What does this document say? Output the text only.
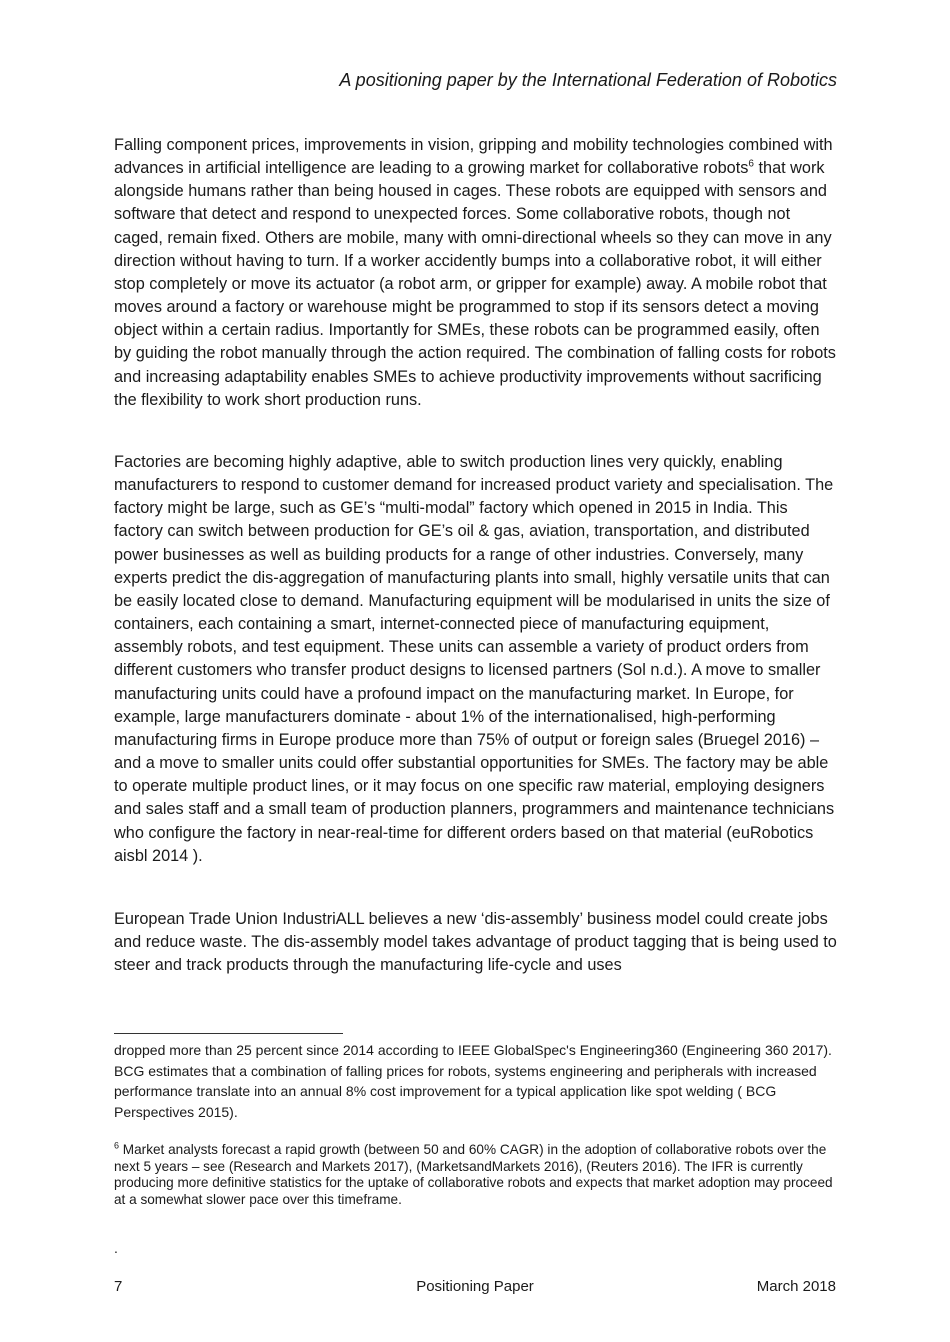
A positioning paper by the International Federation of Robotics

Falling component prices, improvements in vision, gripping and mobility technologies combined with advances in artificial intelligence are leading to a growing market for collaborative robots$^6$ that work alongside humans rather than being housed in cages. These robots are equipped with sensors and software that detect and respond to unexpected forces. Some collaborative robots, though not caged, remain fixed. Others are mobile, many with omni-directional wheels so they can move in any direction without having to turn. If a worker accidently bumps into a collaborative robot, it will either stop completely or move its actuator (a robot arm, or gripper for example) away. A mobile robot that moves around a factory or warehouse might be programmed to stop if its sensors detect a moving object within a certain radius. Importantly for SMEs, these robots can be programmed easily, often by guiding the robot manually through the action required. The combination of falling costs for robots and increasing adaptability enables SMEs to achieve productivity improvements without sacrificing the flexibility to work short production runs.

Factories are becoming highly adaptive, able to switch production lines very quickly, enabling manufacturers to respond to customer demand for increased product variety and specialisation. The factory might be large, such as GE’s “multi-modal” factory which opened in 2015 in India. This factory can switch between production for GE’s oil & gas, aviation, transportation, and distributed power businesses as well as building products for a range of other industries. Conversely, many experts predict the dis-aggregation of manufacturing plants into small, highly versatile units that can be easily located close to demand. Manufacturing equipment will be modularised in units the size of containers, each containing a smart, internet-connected piece of manufacturing equipment, assembly robots, and test equipment. These units can assemble a variety of product orders from different customers who transfer product designs to licensed partners (Sol n.d.). A move to smaller manufacturing units could have a profound impact on the manufacturing market. In Europe, for example, large manufacturers dominate - about 1% of the internationalised, high-performing manufacturing firms in Europe produce more than 75% of output or foreign sales (Bruegel 2016) – and a move to smaller units could offer substantial opportunities for SMEs. The factory may be able to operate multiple product lines, or it may focus on one specific raw material, employing designers and sales staff and a small team of production planners, programmers and maintenance technicians who configure the factory in near-real-time for different orders based on that material (euRobotics aisbl 2014 ).

European Trade Union IndustriALL believes a new ‘dis-assembly’ business model could create jobs and reduce waste. The dis-assembly model takes advantage of product tagging that is being used to steer and track products through the manufacturing life-cycle and uses

dropped more than 25 percent since 2014 according to IEEE GlobalSpec's Engineering360 (Engineering 360 2017). BCG estimates that a combination of falling prices for robots, systems engineering and peripherals with increased performance translate into an annual 8% cost improvement for a typical application like spot welding ( BCG Perspectives 2015).

$^6$ Market analysts forecast a rapid growth (between 50 and 60% CAGR) in the adoption of collaborative robots over the next 5 years – see (Research and Markets 2017), (MarketsandMarkets 2016), (Reuters 2016). The IFR is currently producing more definitive statistics for the uptake of collaborative robots and expects that market adoption may proceed at a somewhat slower pace over this timeframe.

.
7	Positioning Paper	March 2018
